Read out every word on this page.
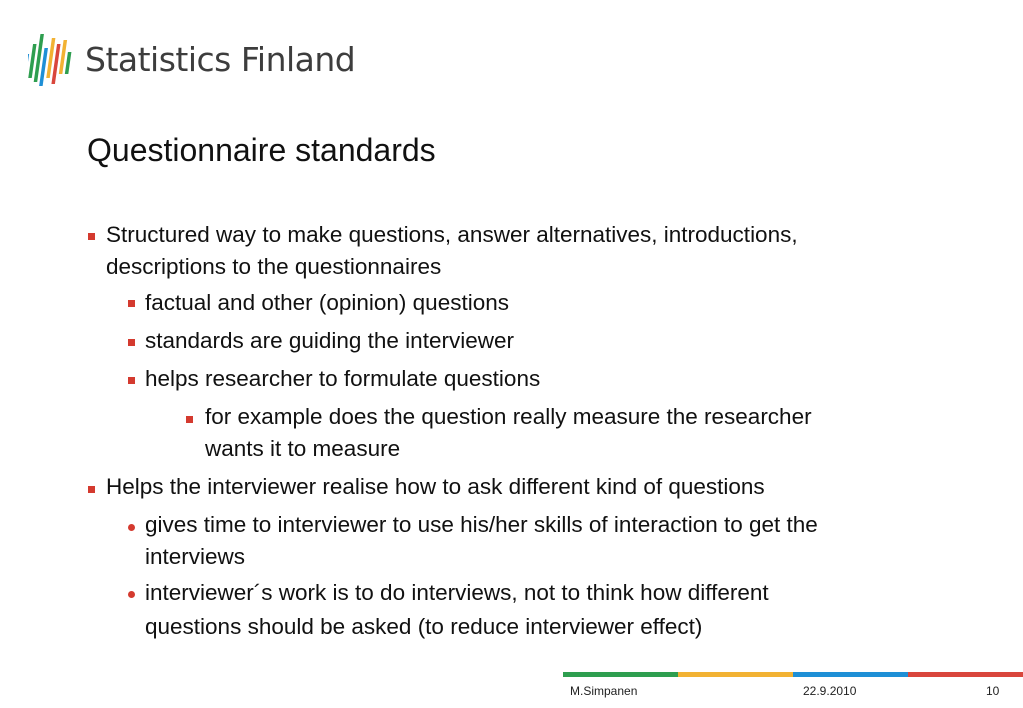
Statistics Finland
Questionnaire standards
Structured way to make questions, answer alternatives, introductions,
descriptions to the questionnaires
factual and other (opinion) questions
standards are guiding the interviewer
helps researcher to formulate questions
for example does the question really measure the researcher
wants it to measure
Helps the interviewer realise how to ask different kind of questions
gives time to interviewer to use his/her skills of interaction to get the
interviews
interviewer´s work is to do interviews, not to think how different
questions should be asked (to reduce interviewer effect)
M.Simpanen	22.9.2010	10
